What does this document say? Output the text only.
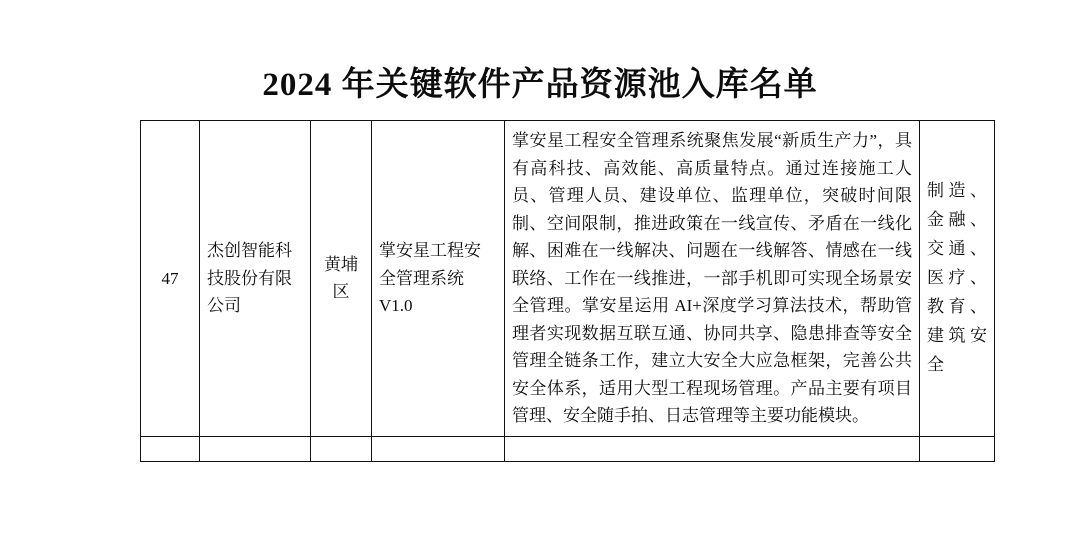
2024 年关键软件产品资源池入库名单
47	杰创智能科技股份有限公司	黄埔区	掌安星工程安全管理系统 V1.0	掌安星工程安全管理系统聚焦发展“新质生产力”，具有高科技、高效能、高质量特点。通过连接施工人员、管理人员、建设单位、监理单位，突破时间限制、空间限制，推进政策在一线宣传、矛盾在一线化解、困难在一线解决、问题在一线解答、情感在一线联络、工作在一线推进，一部手机即可实现全场景安全管理。掌安星运用 AI+深度学习算法技术，帮助管理者实现数据互联互通、协同共享、隐患排查等安全管理全链条工作，建立大安全大应急框架，完善公共安全体系，适用大型工程现场管理。产品主要有项目管理、安全随手拍、日志管理等主要功能模块。	制造、金融、交通、医疗、教育、建筑安全
